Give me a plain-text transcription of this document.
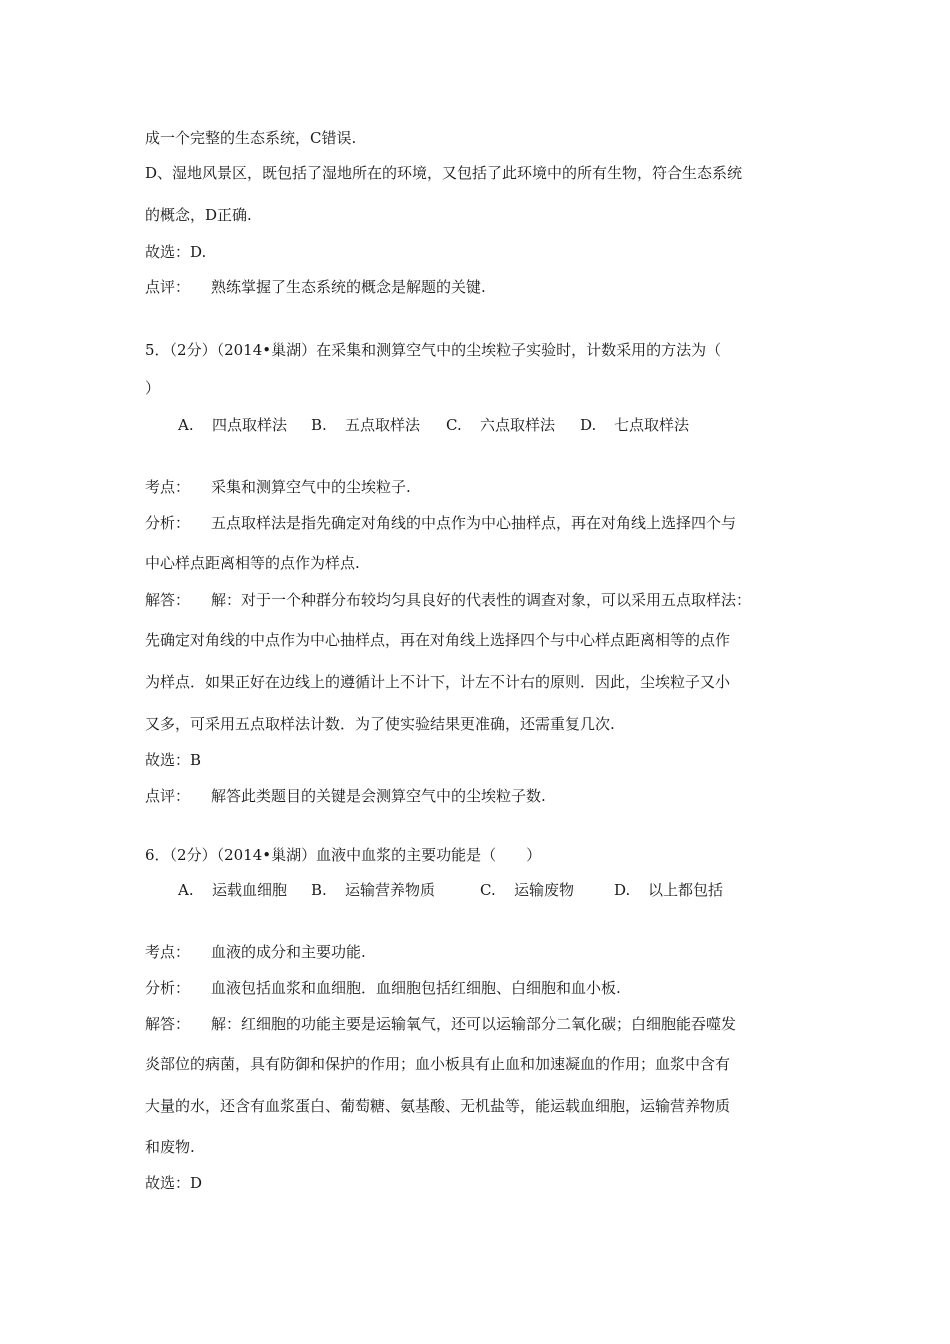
成一个完整的生态系统，C错误.
D、湿地风景区，既包括了湿地所在的环境，又包括了此环境中的所有生物，符合生态系统
的概念，D正确.
故选：D.
点评： 熟练掌握了生态系统的概念是解题的关键.
5．（2分）（2014•巢湖）在采集和测算空气中的尘埃粒子实验时，计数采用的方法为（
）
A. 四点取样法 B. 五点取样法 C. 六点取样法 D. 七点取样法
考点： 采集和测算空气中的尘埃粒子.
分析： 五点取样法是指先确定对角线的中点作为中心抽样点，再在对角线上选择四个与
中心样点距离相等的点作为样点.
解答： 解：对于一个种群分布较均匀具良好的代表性的调查对象，可以采用五点取样法：
先确定对角线的中点作为中心抽样点，再在对角线上选择四个与中心样点距离相等的点作
为样点．如果正好在边线上的遵循计上不计下，计左不计右的原则．因此，尘埃粒子又小
又多，可采用五点取样法计数．为了使实验结果更准确，还需重复几次.
故选：B
点评： 解答此类题目的关键是会测算空气中的尘埃粒子数.
6．（2分）（2014•巢湖）血液中血浆的主要功能是（　　）
A. 运载血细胞 B. 运输营养物质	C. 运输废物	D. 以上都包括
考点： 血液的成分和主要功能.
分析： 血液包括血浆和血细胞．血细胞包括红细胞、白细胞和血小板.
解答： 解：红细胞的功能主要是运输氧气，还可以运输部分二氧化碳；白细胞能吞噬发
炎部位的病菌，具有防御和保护的作用；血小板具有止血和加速凝血的作用；血浆中含有
大量的水，还含有血浆蛋白、葡萄糖、氨基酸、无机盐等，能运载血细胞，运输营养物质
和废物.
故选：D
